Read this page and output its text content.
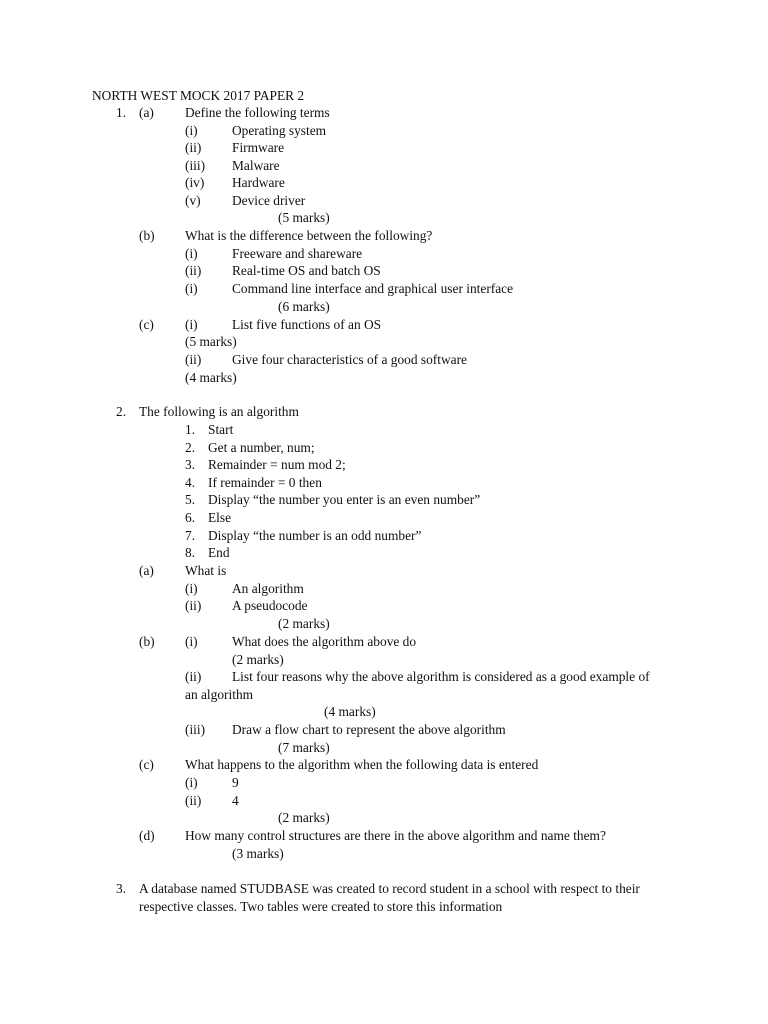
NORTH WEST MOCK 2017 PAPER 2
1. (a) Define the following terms
(i)	Operating system
(ii) Firmware
(iii) Malware
(iv) Hardware
(v) Device driver
(5 marks)
(b) What is the difference between the following?
(i)	Freeware and shareware
(ii) Real-time OS and batch OS
(i)	Command line interface and graphical user interface
(6 marks)
(c) (i)	List five functions of an OS
(5 marks)
(ii) Give four characteristics of a good software
(4 marks)
2. The following is an algorithm
1. Start
2. Get a number, num;
3. Remainder = num mod 2;
4. If remainder = 0 then
5. Display “the number you enter is an even number”
6. Else
7. Display “the number is an odd number”
8. End
(a) What is
(i)	An algorithm
(ii) A pseudocode
(2 marks)
(b) (i)	What does the algorithm above do
(2 marks)
(ii) List four reasons why the above algorithm is considered as a good example of
an algorithm
(4 marks)
(iii) Draw a flow chart to represent the above algorithm
(7 marks)
(c) What happens to the algorithm when the following data is entered
(i)	9
(ii) 4
(2 marks)
(d) How many control structures are there in the above algorithm and name them?
(3 marks)
3. A database named STUDBASE was created to record student in a school with respect to their
respective classes. Two tables were created to store this information
